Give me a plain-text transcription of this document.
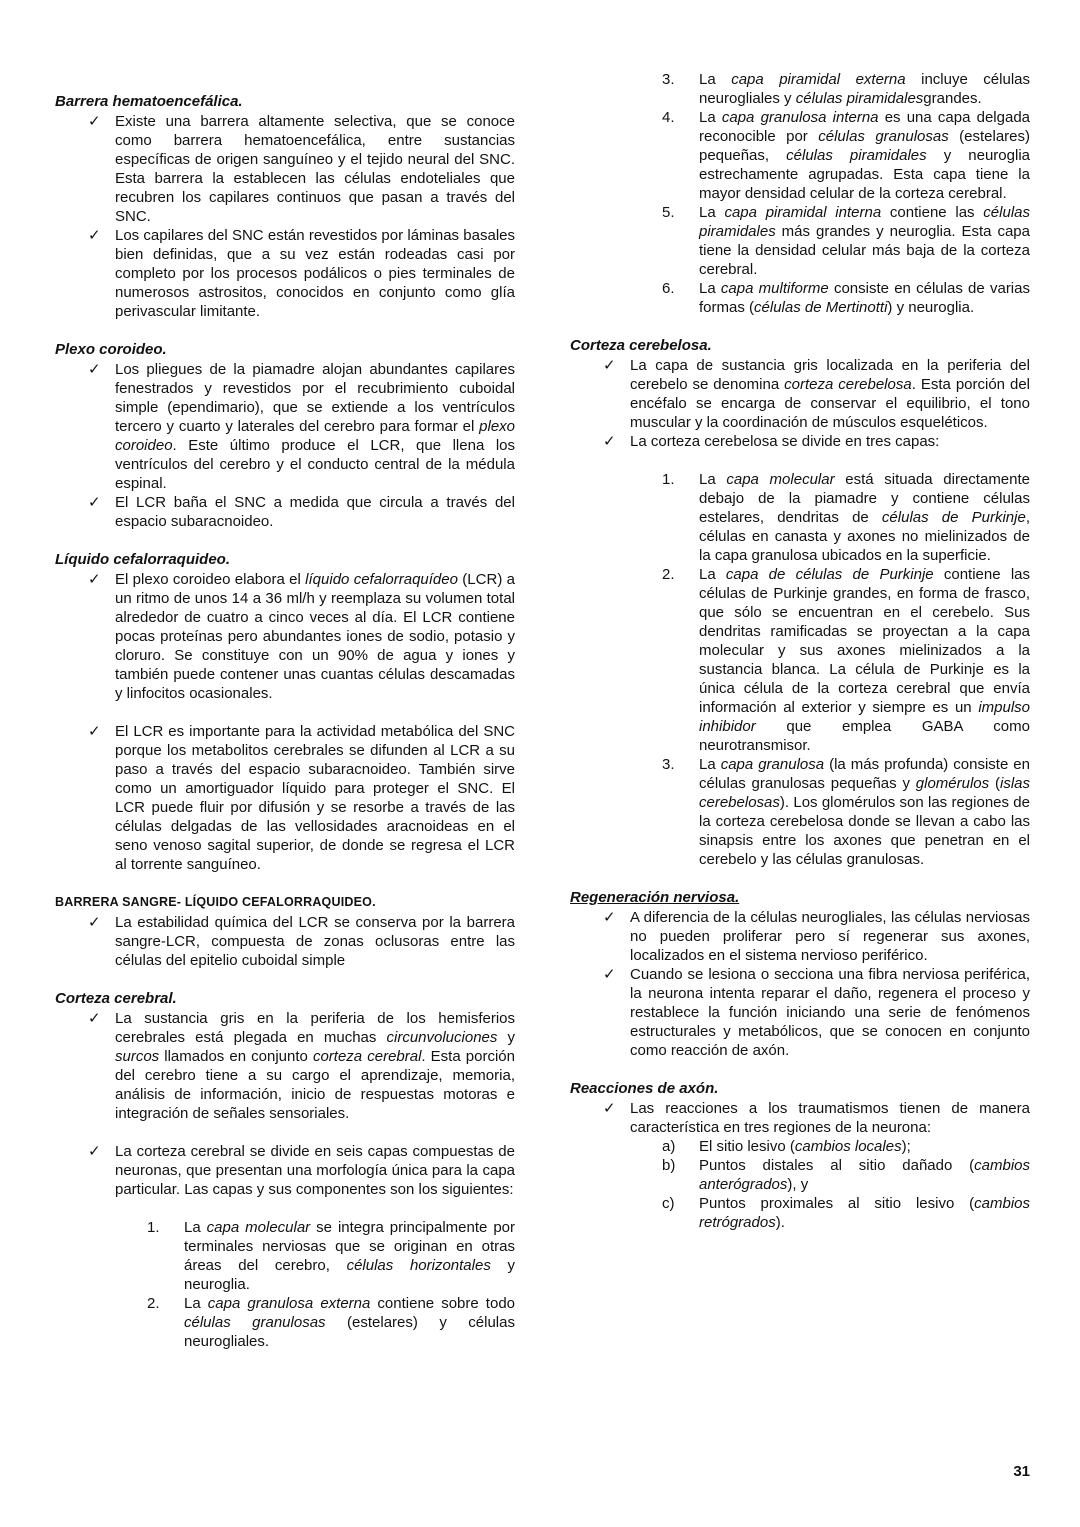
Barrera hematoencefálica.
✓ Existe una barrera altamente selectiva, que se conoce como barrera hematoencefálica, entre sustancias específicas de origen sanguíneo y el tejido neural del SNC. Esta barrera la establecen las células endoteliales que recubren los capilares continuos que pasan a través del SNC.
✓ Los capilares del SNC están revestidos por láminas basales bien definidas, que a su vez están rodeadas casi por completo por los procesos podálicos o pies terminales de numerosos astrositos, conocidos en conjunto como glía perivascular limitante.
Plexo coroideo.
✓ Los pliegues de la piamadre alojan abundantes capilares fenestrados y revestidos por el recubrimiento cuboidal simple (ependimario), que se extiende a los ventrículos tercero y cuarto y laterales del cerebro para formar el plexo coroideo. Este último produce el LCR, que llena los ventrículos del cerebro y el conducto central de la médula espinal.
✓ El LCR baña el SNC a medida que circula a través del espacio subaracnoideo.
Líquido cefalorraquideo.
✓ El plexo coroideo elabora el líquido cefalorraquídeo (LCR) a un ritmo de unos 14 a 36 ml/h y reemplaza su volumen total alrededor de cuatro a cinco veces al día. El LCR contiene pocas proteínas pero abundantes iones de sodio, potasio y cloruro. Se constituye con un 90% de agua y iones y también puede contener unas cuantas células descamadas y linfocitos ocasionales.
✓ El LCR es importante para la actividad metabólica del SNC porque los metabolitos cerebrales se difunden al LCR a su paso a través del espacio subaracnoideo. También sirve como un amortiguador líquido para proteger el SNC. El LCR puede fluir por difusión y se resorbe a través de las células delgadas de las vellosidades aracnoideas en el seno venoso sagital superior, de donde se regresa el LCR al torrente sanguíneo.
BARRERA SANGRE- LÍQUIDO CEFALORRAQUIDEO.
✓ La estabilidad química del LCR se conserva por la barrera sangre-LCR, compuesta de zonas oclusoras entre las células del epitelio cuboidal simple
Corteza cerebral.
✓ La sustancia gris en la periferia de los hemisferios cerebrales está plegada en muchas circunvoluciones y surcos llamados en conjunto corteza cerebral. Esta porción del cerebro tiene a su cargo el aprendizaje, memoria, análisis de información, inicio de respuestas motoras e integración de señales sensoriales.
✓ La corteza cerebral se divide en seis capas compuestas de neuronas, que presentan una morfología única para la capa particular. Las capas y sus componentes son los siguientes:
1.	La capa molecular se integra principalmente por terminales nerviosas que se originan en otras áreas del cerebro, células horizontales y neuroglia.
2.	La capa granulosa externa contiene sobre todo células granulosas (estelares) y células neurogliales.
3.	La capa piramidal externa incluye células neurogliales y células piramidalesgrandes.
4.	La capa granulosa interna es una capa delgada reconocible por células granulosas (estelares) pequeñas, células piramidales y neuroglia estrechamente agrupadas. Esta capa tiene la mayor densidad celular de la corteza cerebral.
5.	La capa piramidal interna contiene las células piramidales más grandes y neuroglia. Esta capa tiene la densidad celular más baja de la corteza cerebral.
6.	La capa multiforme consiste en células de varias formas (células de Mertinotti) y neuroglia.
Corteza cerebelosa.
✓ La capa de sustancia gris localizada en la periferia del cerebelo se denomina corteza cerebelosa. Esta porción del encéfalo se encarga de conservar el equilibrio, el tono muscular y la coordinación de músculos esqueléticos.
✓ La corteza cerebelosa se divide en tres capas:
1.	La capa molecular está situada directamente debajo de la piamadre y contiene células estelares, dendritas de células de Purkinje, células en canasta y axones no mielinizados de la capa granulosa ubicados en la superficie.
2.	La capa de células de Purkinje contiene las células de Purkinje grandes, en forma de frasco, que sólo se encuentran en el cerebelo. Sus dendritas ramificadas se proyectan a la capa molecular y sus axones mielinizados a la sustancia blanca. La célula de Purkinje es la única célula de la corteza cerebral que envía información al exterior y siempre es un impulso inhibidor que emplea GABA como neurotransmisor.
3.	La capa granulosa (la más profunda) consiste en células granulosas pequeñas y glomérulos (islas cerebelosas). Los glomérulos son las regiones de la corteza cerebelosa donde se llevan a cabo las sinapsis entre los axones que penetran en el cerebelo y las células granulosas.
Regeneración nerviosa.
✓ A diferencia de la células neurogliales, las células nerviosas no pueden proliferar pero sí regenerar sus axones, localizados en el sistema nervioso periférico.
✓ Cuando se lesiona o secciona una fibra nerviosa periférica, la neurona intenta reparar el daño, regenera el proceso y restablece la función iniciando una serie de fenómenos estructurales y metabólicos, que se conocen en conjunto como reacción de axón.
Reacciones de axón.
✓ Las reacciones a los traumatismos tienen de manera característica en tres regiones de la neurona:
a)	El sitio lesivo (cambios locales);
b)	Puntos distales al sitio dañado (cambios anterógrados), y
c)	Puntos proximales al sitio lesivo (cambios retrógrados).
31
